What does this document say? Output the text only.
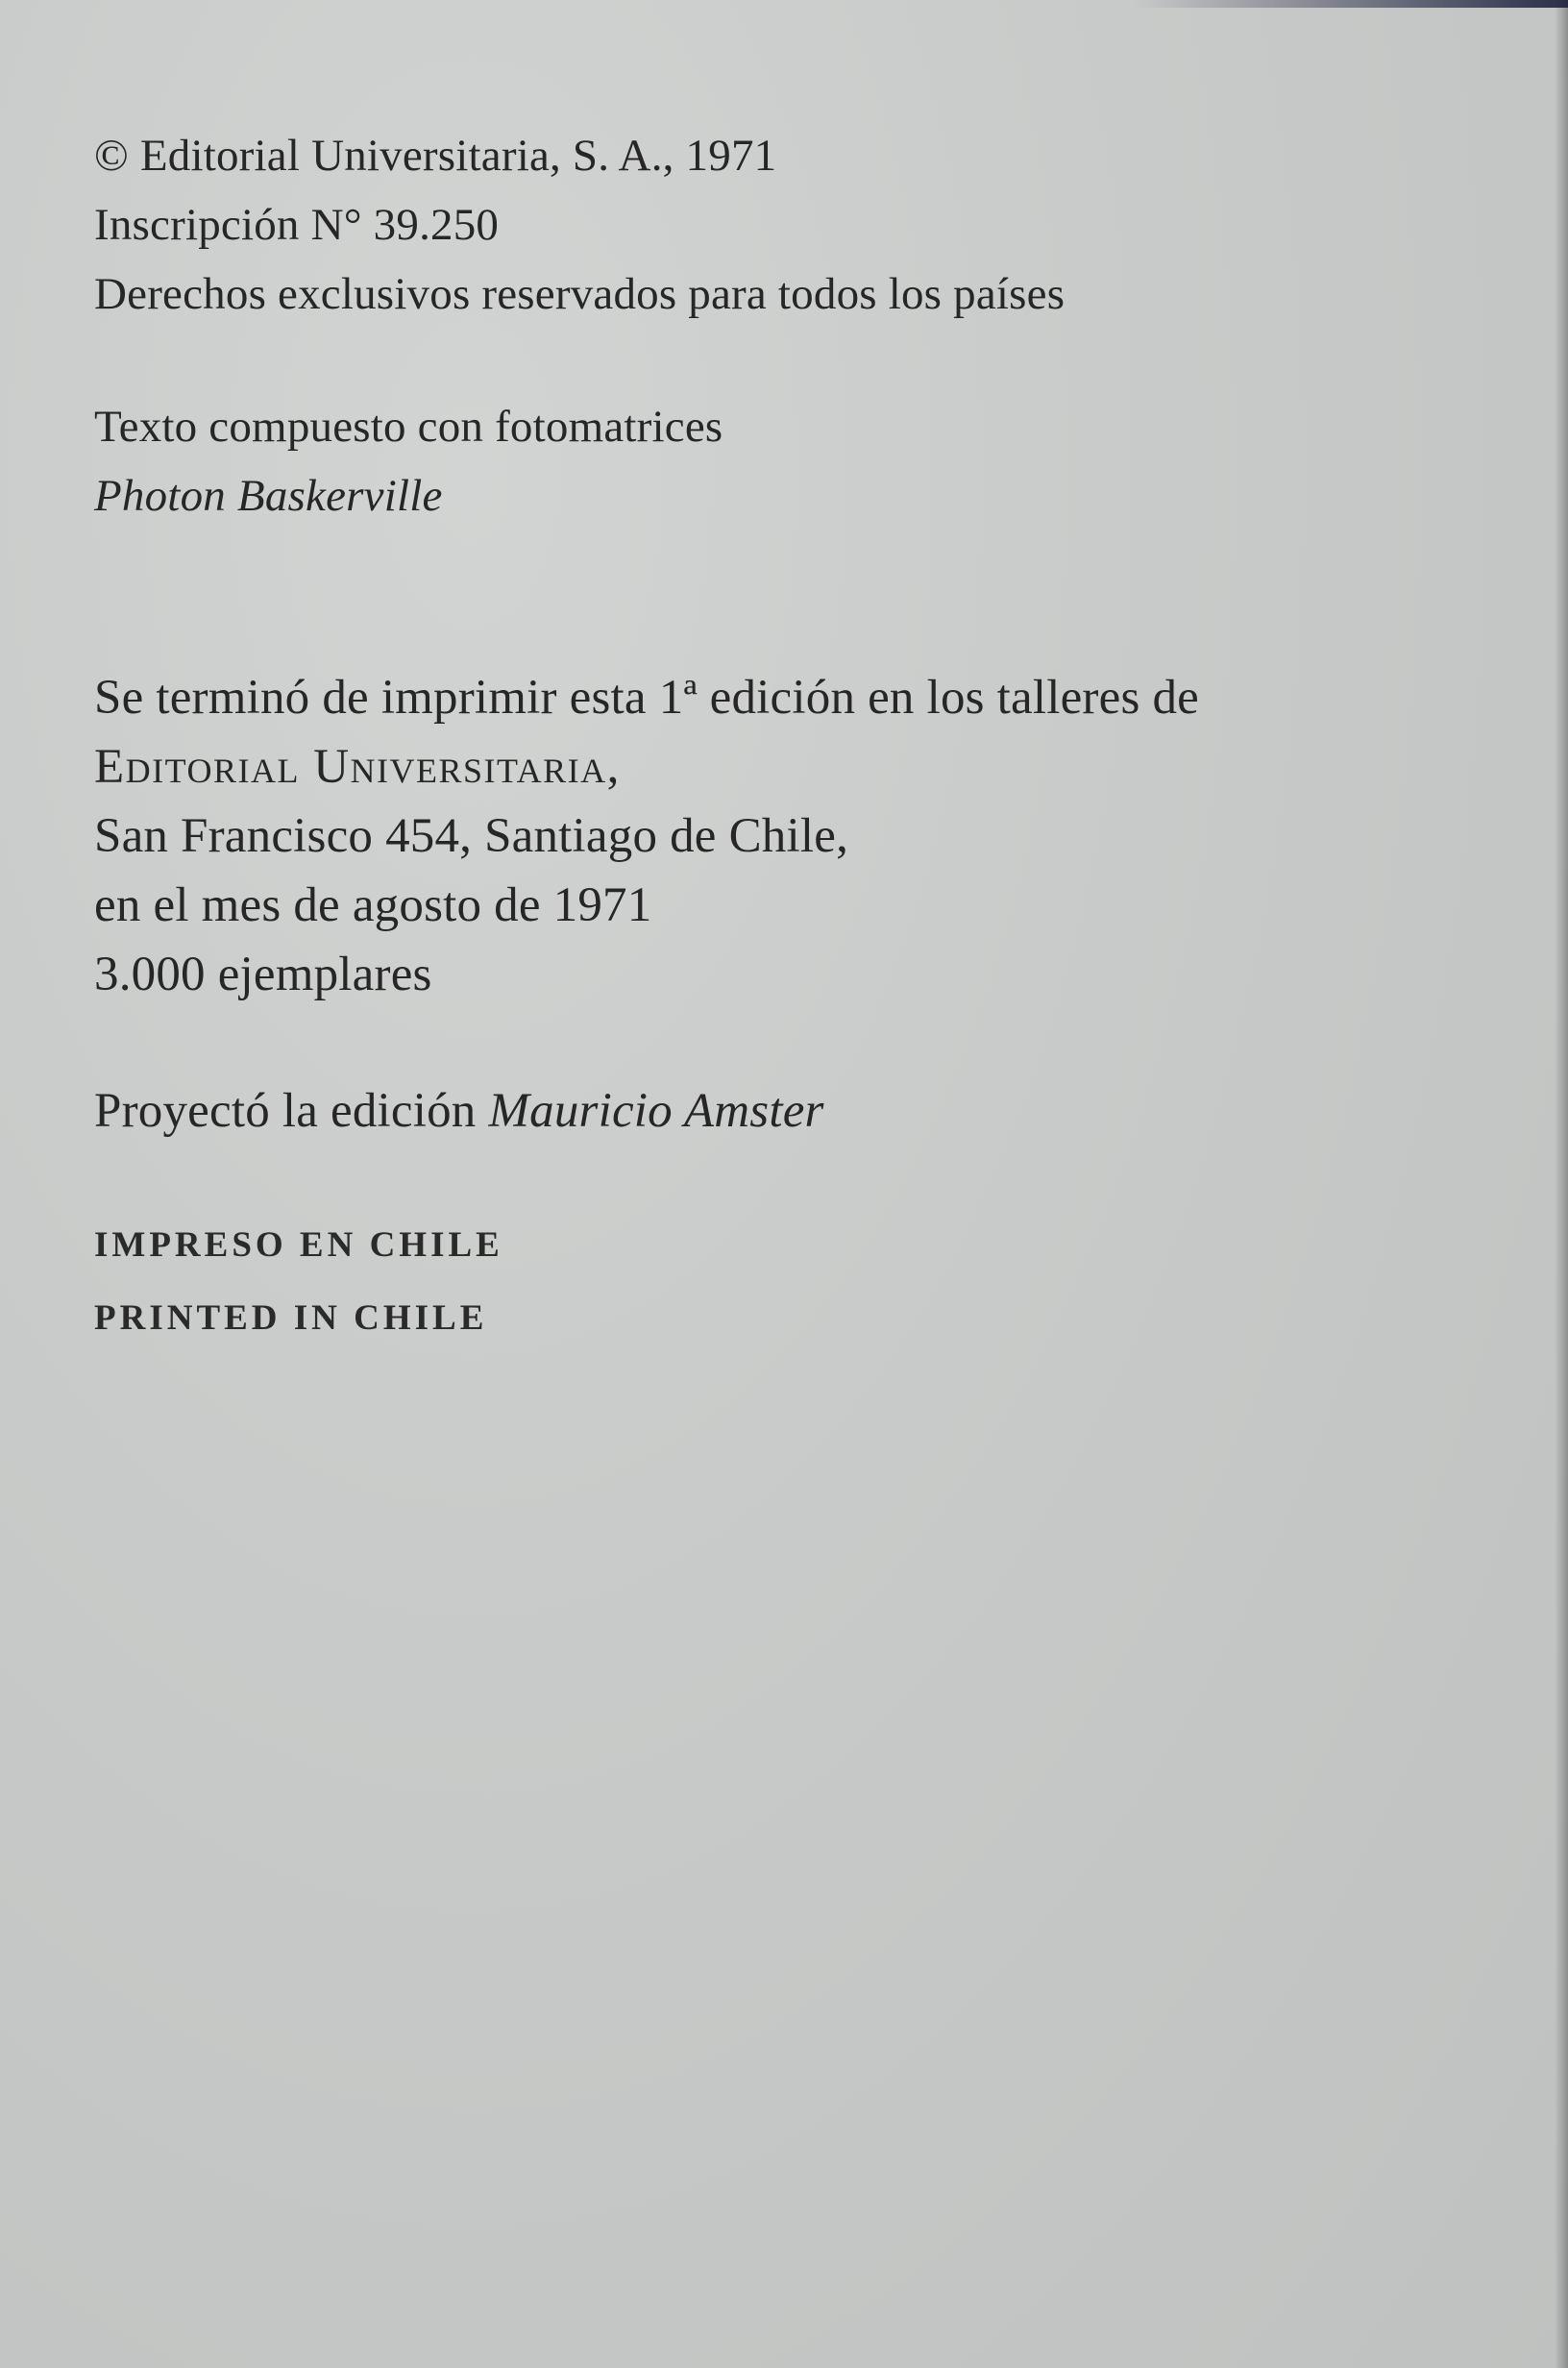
© Editorial Universitaria, S. A., 1971
Inscripción N° 39.250
Derechos exclusivos reservados para todos los países
Texto compuesto con fotomatrices
Photon Baskerville
Se terminó de imprimir esta 1ª edición en los talleres de
Editorial Universitaria,
San Francisco 454, Santiago de Chile,
en el mes de agosto de 1971
3.000 ejemplares
Proyectó la edición Mauricio Amster
IMPRESO EN CHILE
PRINTED IN CHILE
